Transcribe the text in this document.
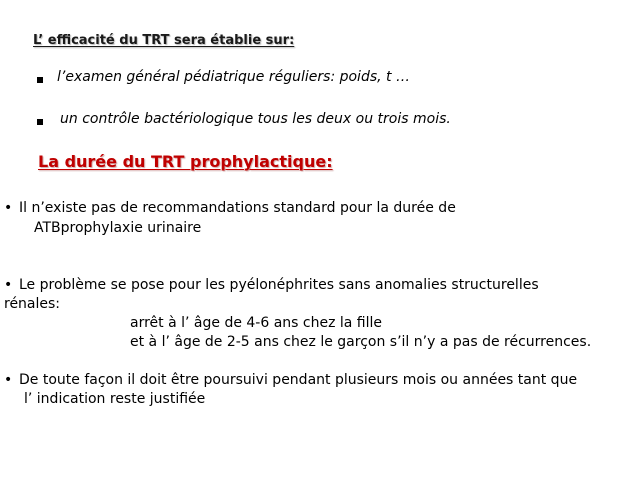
L’ efficacité du TRT sera établie sur:
l’examen général pédiatrique réguliers: poids, t …
un contrôle bactériologique tous les deux ou trois mois.
La durée du TRT prophylactique:
• Il n’existe pas de recommandations standard pour la durée de
ATBprophylaxie urinaire
• Le problème se pose pour les pyélonéphrites sans anomalies structurelles
rénales:
arrêt à l’ âge de 4-6 ans chez la fille
et à l’ âge de 2-5 ans chez le garçon s’il n’y a pas de récurrences.
• De toute façon il doit être poursuivi pendant plusieurs mois ou années tant que
l’ indication reste justifiée
